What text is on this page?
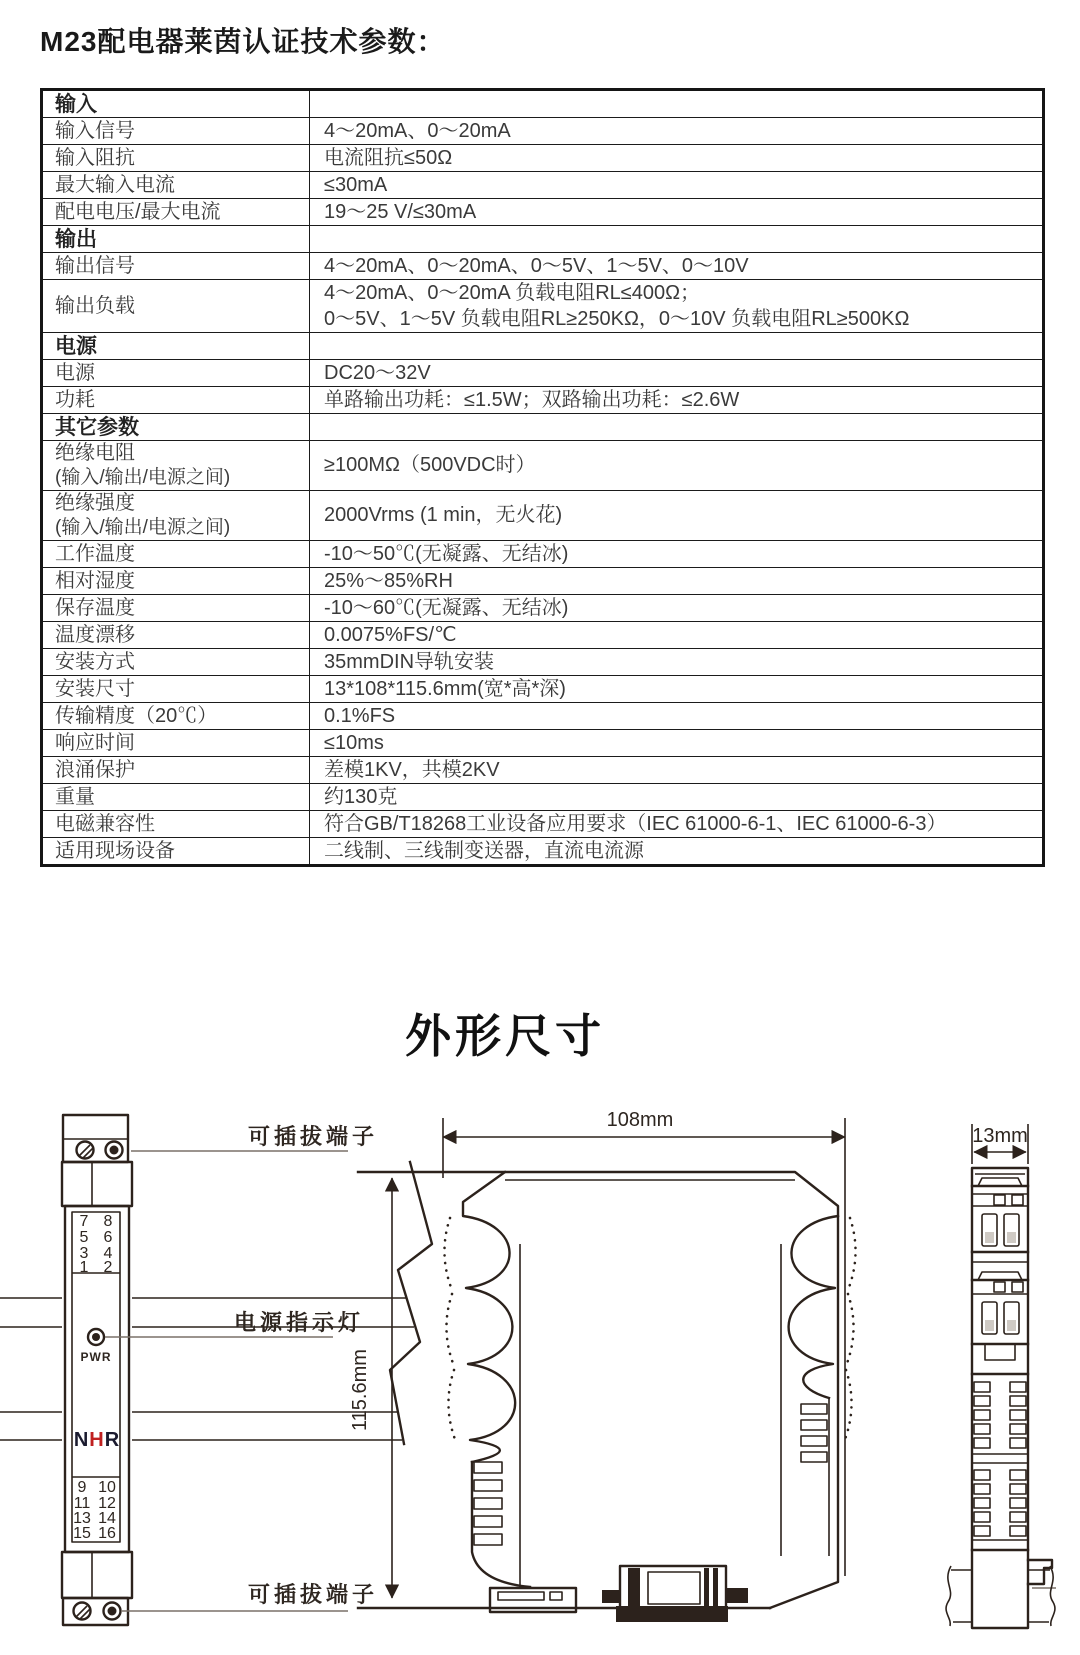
M23配电器莱茵认证技术参数：
输入	
输入信号	4～20mA、0～20mA
输入阻抗	电流阻抗≤50Ω
最大输入电流	≤30mA
配电电压/最大电流	19～25 V/≤30mA
输出	
输出信号	4～20mA、0～20mA、0～5V、1～5V、0～10V
输出负载	4～20mA、0～20mA 负载电阻RL≤400Ω；
0～5V、1～5V 负载电阻RL≥250KΩ，0～10V 负载电阻RL≥500KΩ

电源	
电源	DC20～32V
功耗	单路输出功耗：≤1.5W；双路输出功耗：≤2.6W
其它参数	
绝缘电阻
(输入/输出/电源之间)	≥100MΩ（500VDC时）
绝缘强度
(输入/输出/电源之间)	2000Vrms (1 min，无火花)
工作温度	-10～50℃(无凝露、无结冰)
相对湿度	25%～85%RH
保存温度	-10～60℃(无凝露、无结冰)
温度漂移	0.0075%FS/℃
安装方式	35mmDIN导轨安装
安装尺寸	13*108*115.6mm(宽*高*深)
传输精度（20℃）	0.1%FS
响应时间	≤10ms
浪涌保护	差模1KV，共模2KV
重量	约130克
电磁兼容性	符合GB/T18268工业设备应用要求（IEC 61000-6-1、IEC 61000-6-3）
适用现场设备	二线制、三线制变送器，直流电流源
外形尺寸
7 8
5 6
3 4
1 2
PWR
NHR
9 10
11 12
13 14
15 16
可插拔端子
电源指示灯
可插拔端子
108mm
115.6mm
13mm
